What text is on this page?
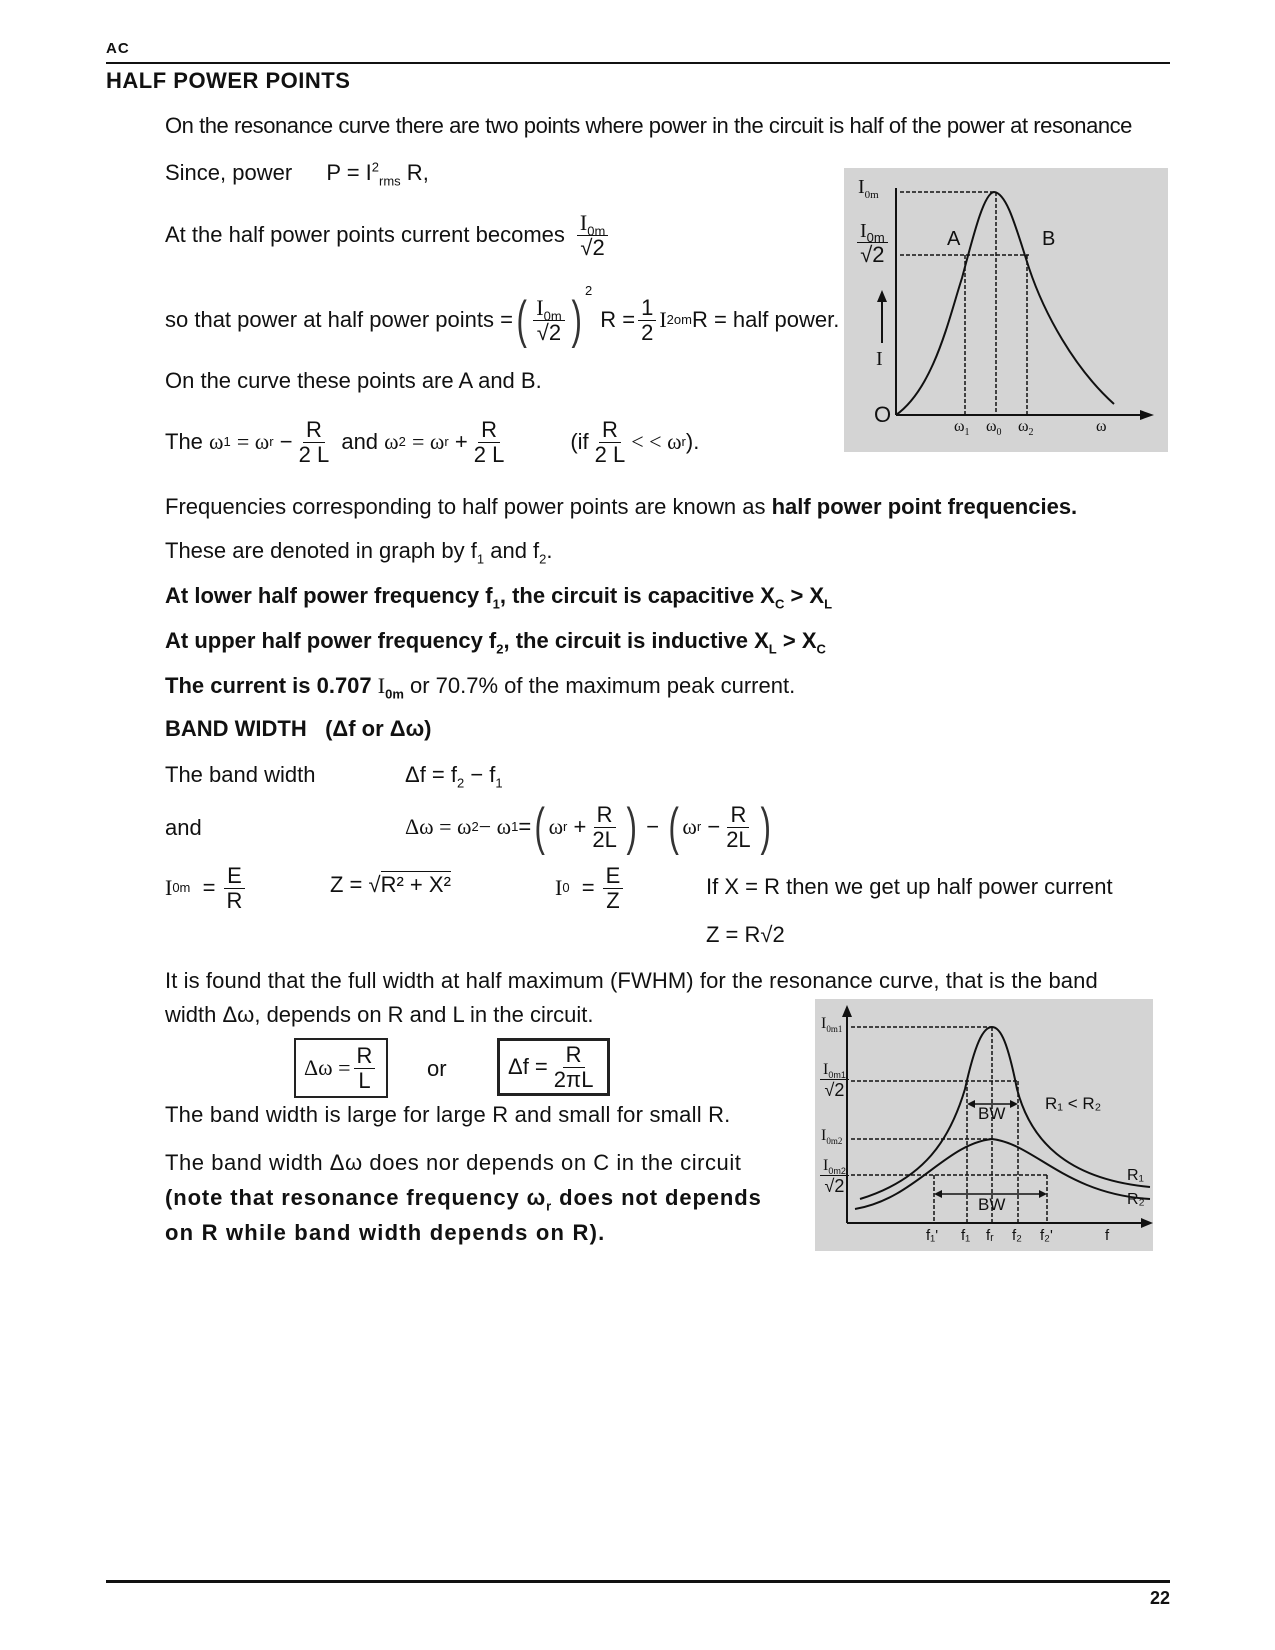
AC
HALF POWER POINTS
On the resonance curve there are two points where power in the circuit is half of the power at resonance
Since, power $P = I^2_{rms}$ R,
At the half power points current becomes $\frac{I_{0m}}{√2}$
so that power at half power points = ( $\frac{I_{0m}}{√2}$ )
2
$R = \frac{1}{2}$ I 2 om R = half power.
On the curve these points are A and B.
The
ω 1
= ω r
− $\frac{R}{2 L}$
and
ω 2
= ω r
+ $\frac{R}{2 L}$	($if \frac{R}{2 L}$ < < ω r ).
$I_{0m}$
$\frac{I_{0m}}{√2}$
I
O
A	B
$\omega_1$ $\omega_0$ $\omega_2$	ω
Frequencies corresponding to half power points are known as half power point frequencies.
These are denoted in graph by $f_1$ and $f_2$.
At lower half power frequency $f_1$, the circuit is capacitive $X_C > X_L$
At upper half power frequency $f_2$, the circuit is inductive $X_L > X_C$
The current is 0.707 $I_{0m}$ or 70.7% of the maximum peak current.
BAND WIDTH   (Δf or Δω)
The band width	$\Delta f = f_2 - f_1$
and	Δω = ω 2 − ω 1 = ( ω r
+ $\frac{R}{2L}$ ) − ( ω r
− $\frac{R}{2L}$ )
I 0m
= $\frac{E}{R}$	Z = √R² + X²	I 0
= $\frac{E}{Z}$	If X = R then we get up half power current
Z = R√2
It is found that the full width at half maximum (FWHM) for the resonance curve, that is the band
width Δω, depends on R and L in the circuit.
$\Delta\omega = \frac{R}{L}$ or	$\Delta f = \frac{R}{2\pi L}$
The band width is large for large R and small for small R.
The band width Δω does nor depends on C in the circuit
(note that resonance frequency $\omega_r$ does not depends
on R while band width depends on R).
$I_{0m1}$
$\frac{I_{0m1}}{√2}$
$I_{0m2}$
$\frac{I_{0m2}}{√2}$
BW
BW
R₁ < R₂
R₁
R₂
f₁' f₁ fᵣ f₂ f₂'	f
22
